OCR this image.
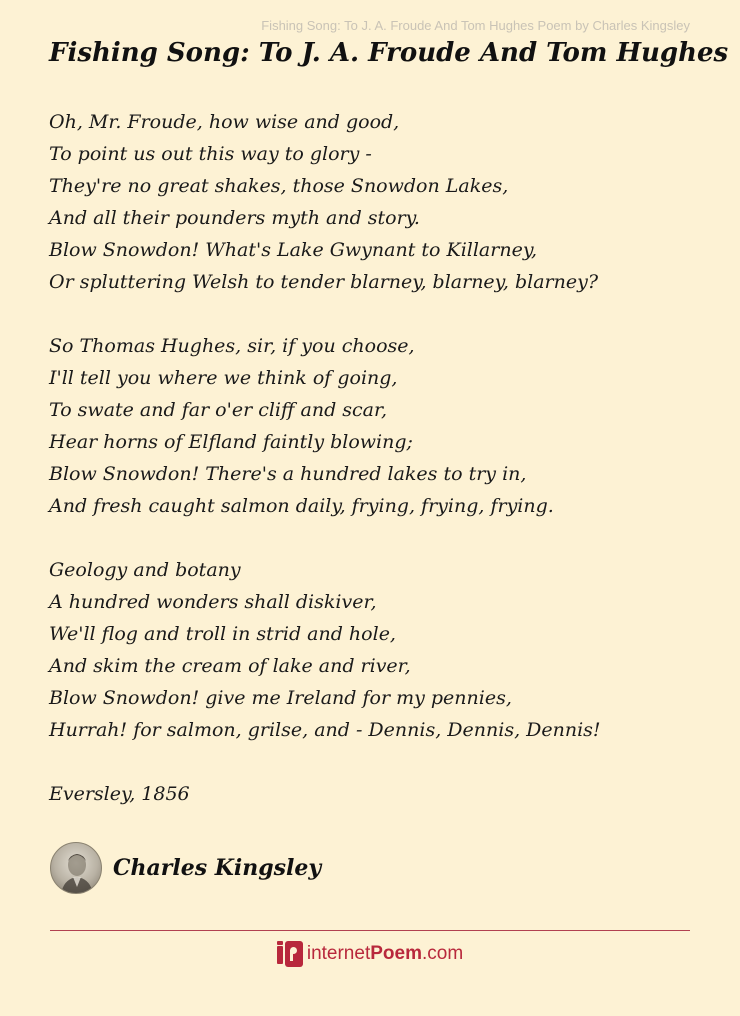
Fishing Song: To J. A. Froude And Tom Hughes Poem by Charles Kingsley
Fishing Song: To J. A. Froude And Tom Hughes
Oh, Mr. Froude, how wise and good,
To point us out this way to glory -
They're no great shakes, those Snowdon Lakes,
And all their pounders myth and story.
Blow Snowdon! What's Lake Gwynant to Killarney,
Or spluttering Welsh to tender blarney, blarney, blarney?
So Thomas Hughes, sir, if you choose,
I'll tell you where we think of going,
To swate and far o'er cliff and scar,
Hear horns of Elfland faintly blowing;
Blow Snowdon! There's a hundred lakes to try in,
And fresh caught salmon daily, frying, frying, frying.
Geology and botany
A hundred wonders shall diskiver,
We'll flog and troll in strid and hole,
And skim the cream of lake and river,
Blow Snowdon! give me Ireland for my pennies,
Hurrah! for salmon, grilse, and - Dennis, Dennis, Dennis!
Eversley, 1856
Charles Kingsley
internetPoem.com
